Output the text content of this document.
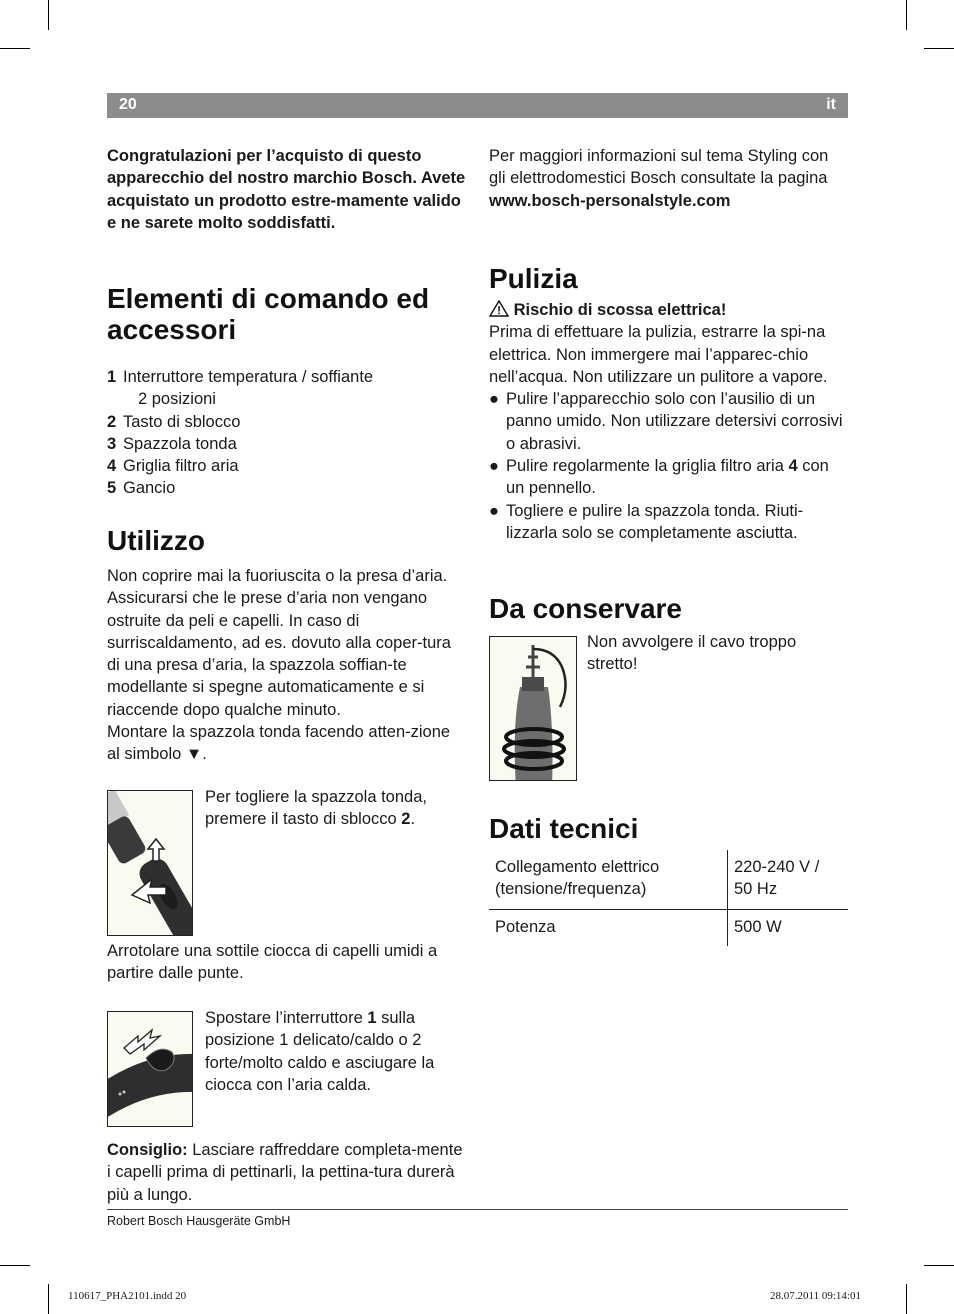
20	it

Congratulazioni per l’acquisto di questo apparecchio del nostro marchio Bosch. Avete acquistato un prodotto estre-mamente valido e ne sarete molto soddisfatti.

Elementi di comando ed accessori
1 Interruttore temperatura / soffiante
2 posizioni
2 Tasto di sblocco
3 Spazzola tonda
4 Griglia filtro aria
5 Gancio
Utilizzo

Non coprire mai la fuoriuscita o la presa d’aria. Assicurarsi che le prese d’aria non vengano ostruite da peli e capelli. In caso di surriscaldamento, ad es. dovuto alla coper-tura di una presa d’aria, la spazzola soffian-te modellante si spegne automaticamente e si riaccende dopo qualche minuto.

Montare la spazzola tonda facendo atten-zione al simbolo ▼.

Per togliere la spazzola tonda, premere il tasto di sblocco 2.

Arrotolare una sottile ciocca di capelli umidi a partire dalle punte.

Spostare l’interruttore 1 sulla posizione 1 delicato/caldo o 2 forte/molto caldo e asciugare la ciocca con l’aria calda.

Consiglio: Lasciare raffreddare completa-mente i capelli prima di pettinarli, la pettina-tura durerà più a lungo.

Per maggiori informazioni sul tema Styling con gli elettrodomestici Bosch consultate la pagina

www.bosch-personalstyle.com

Pulizia

Rischio di scossa elettrica!

Prima di effettuare la pulizia, estrarre la spi-na elettrica. Non immergere mai l’apparec-chio nell’acqua. Non utilizzare un pulitore a vapore.

● Pulire l’apparecchio solo con l’ausilio di un panno umido. Non utilizzare detersivi corrosivi o abrasivi.
● Pulire regolarmente la griglia filtro aria 4 con un pennello.
● Togliere e pulire la spazzola tonda. Riuti-lizzarla solo se completamente asciutta.
Da conservare

Non avvolgere il cavo troppo stretto!

Dati tecnici
Collegamento elettrico (tensione/frequenza)	220-240 V / 50 Hz
Potenza	500 W
Robert Bosch Hausgeräte GmbH
110617_PHA2101.indd 20	28.07.2011 09:14:01
